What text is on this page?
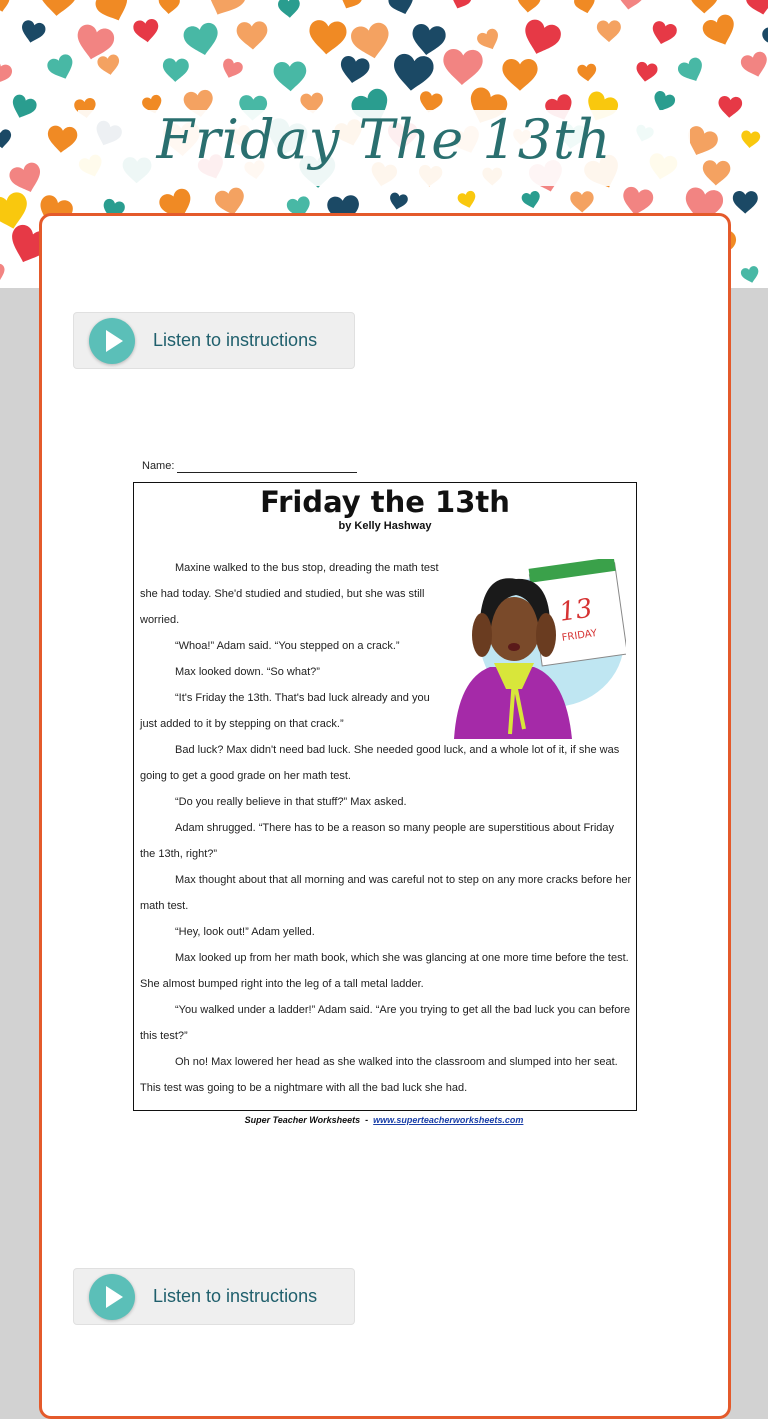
Friday The 13th
Listen to instructions
Name:
Friday the 13th
by Kelly Hashway
13
FRIDAY

Maxine walked to the bus stop, dreading the math test she had today. She'd studied and studied, but she was still worried.

“Whoa!” Adam said. “You stepped on a crack.”

Max looked down. “So what?”

“It's Friday the 13th. That's bad luck already and you just added to it by stepping on that crack.”

Bad luck? Max didn't need bad luck. She needed good luck, and a whole lot of it, if she was going to get a good grade on her math test.

“Do you really believe in that stuff?” Max asked.

Adam shrugged. “There has to be a reason so many people are superstitious about Friday the 13th, right?”

Max thought about that all morning and was careful not to step on any more cracks before her math test.

“Hey, look out!” Adam yelled.

Max looked up from her math book, which she was glancing at one more time before the test. She almost bumped right into the leg of a tall metal ladder.

“You walked under a ladder!” Adam said. “Are you trying to get all the bad luck you can before this test?”

Oh no! Max lowered her head as she walked into the classroom and slumped into her seat. This test was going to be a nightmare with all the bad luck she had.

Super Teacher Worksheets - www.superteacherworksheets.com
Listen to instructions
